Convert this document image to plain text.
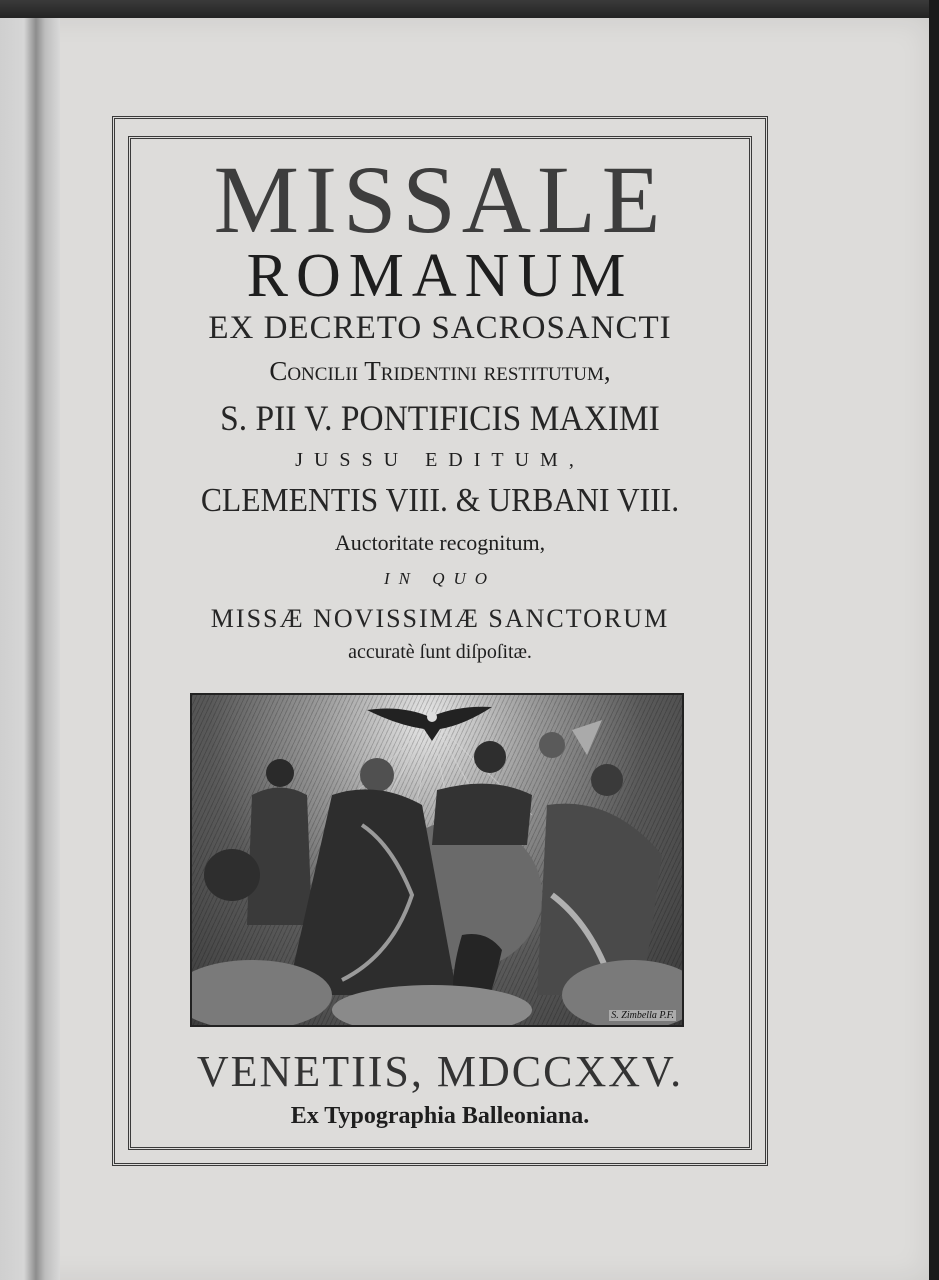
MISSALE
ROMANUM
EX DECRETO SACROSANCTI
Concilii Tridentini reſtitutum,
S. PII V. PONTIFICIS MAXIMI
JUSSU EDITUM,
CLEMENTIS VIII. & URBANI VIII.
Auctoritate recognitum,
IN QUO
MISSÆ NOVISSIMÆ SANCTORUM
accuratè ſunt diſpoſitæ.
S. Zimbella P.F.
VENETIIS, MDCCXXV.
Ex Typographia Balleoniana.
